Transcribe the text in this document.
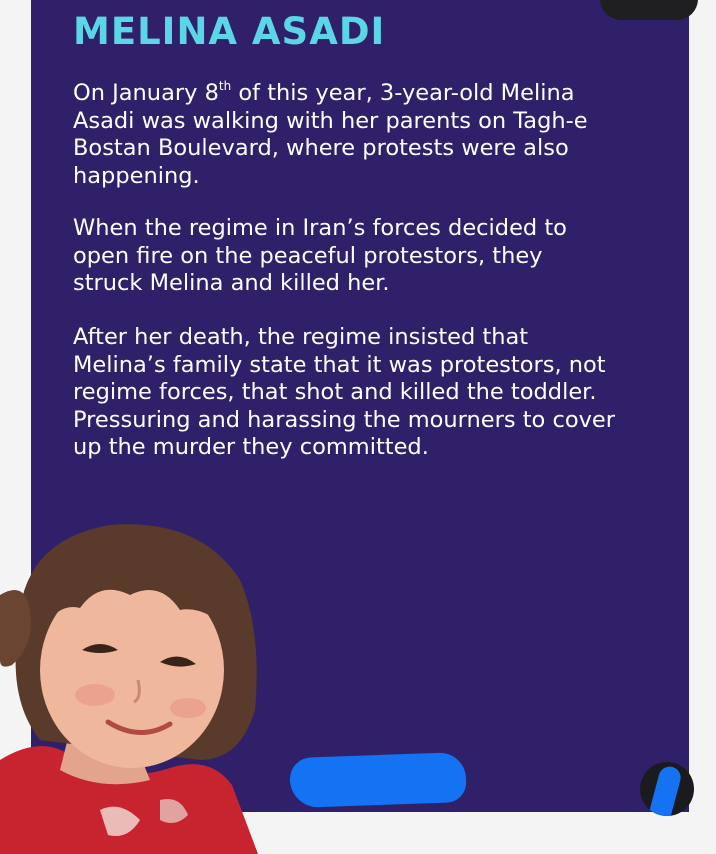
MELINA ASADI

On January 8th of this year, 3-year-old Melina
Asadi was walking with her parents on Tagh-e
Bostan Boulevard, where protests were also
happening.

When the regime in Iran’s forces decided to
open fire on the peaceful protestors, they
struck Melina and killed her.

After her death, the regime insisted that
Melina’s family state that it was protestors, not
regime forces, that shot and killed the toddler.
Pressuring and harassing the mourners to cover
up the murder they committed.
